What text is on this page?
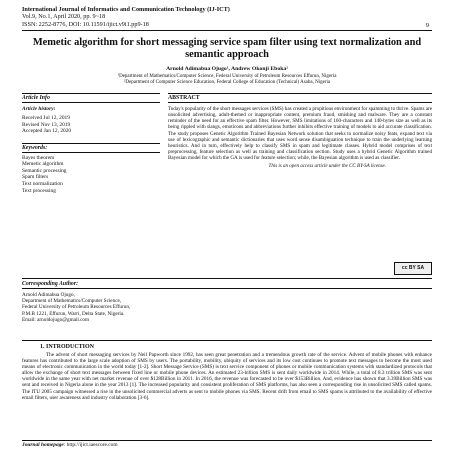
International Journal of Informatics and Communication Technology (IJ-ICT)
Vol.9, No.1, April 2020, pp. 9~18
ISSN: 2252-8776, DOI: 10.11591/ijict.v9i1.pp9-18	9
Memetic algorithm for short messaging service spam filter using text normalization and semantic approach
Arnold Adimabua Ojugo¹, Andrew Okonji Eboka²
¹Department of Mathematics/Computer Science, Federal University of Petroleum Resources Effurun, Nigeria
²Department of Computer Science Education, Federal College of Education (Technical) Asaba, Nigeria
Article Info
Article history:
Received Jul 12, 2019
Revised Nov 13, 2019
Accepted Jan 12, 2020
Keywords:
Bayes theorem
Memetic algorithm
Semantic processing
Spam filters
Text normalization
Text processing
ABSTRACT
Today's popularity of the short messages services (SMS) has created a propitious environment for spamming to thrive. Spams are unsolicited advertising, adult-themed or inappropriate content, premium fraud, smishing and malware. They are a constant reminder of the need for an effective spam filter. However, SMS limitations of 160-characters and 140-bytes size as well as its being rippled with slangs, emoticons and abbreviations further inhibits effective training of models to aid accurate classification. The study proposes Genetic Algorithm Trained Bayesian Network solution that seeks to normalize noisy feats, expand text via use of lexicographic and semantic dictionaries that uses word sense disambiguation technique to train the underlying learning heuristics. And in turn, effectively help to classify SMS in spam and legitimate classes. Hybrid model comprises of text preprocessing, feature selection as well as training and classification section. Study uses a hybrid Genetic Algorithm trained Bayesian model for which the GA is used for feature selection; while, the Bayesian algorithm is used as classifier.
This is an open access article under the CC BY-SA license.
cc BY SA
Corresponding Author:
Arnold Adimabua Ojugo,
Department of Mathematics/Computer Science,
Federal University of Petroleum Resources Effurun,
P.M.B 1221, Effurun, Warri, Delta State, Nigeria.
Email: arnoldojugo@gmail.com
1. INTRODUCTION
The advent of short messaging services by Neil Papworth since 1992, has seen great penetration and a tremendous growth rate of the service. Advent of mobile phones with enhance features has contributed to the large scale adoption of SMS by users. The portability, mobility, ubiquity of services and its low cost continues to promote text messages to become the most used means of electronic communication in the world today [1-2]. Short Message Service (SMS) is text service component of phones or mobile communication systems with standardized protocols that allow the exchange of short text messages between fixed line or mobile phone devices. An estimated 23-billion SMS is sent daily worldwide in 2014. While, a total of 8.3 trillion SMS was sent worldwide in the same year with net market revenue of over $128Billion in 2011. In 2016, the revenue was forecasted to be over $153Billion. And, evidence has shown that 3.39Billion SMS was sent and received in Nigeria alone in the year 2013 [1]. The increased popularity and consistent proliferation of SMS platforms, has also seen a corresponding rise in unsolicited SMS called spams. The ITU 2005 campaign witnessed a rise in the unsolicited commercial adverts as sent to mobile phones via SMS. Recent drift from email to SMS spams is attributed to the availability of effective email filters, user awareness and industry collaboration [3-6].
Journal homepage: http://ijict.iaescore.com
